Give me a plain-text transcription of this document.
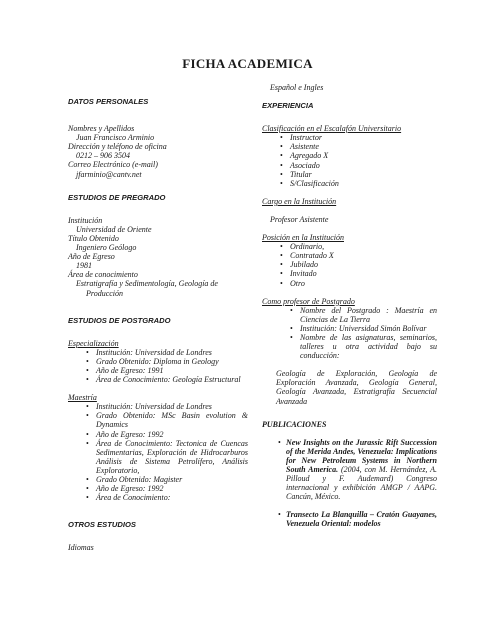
FICHA ACADEMICA
DATOS PERSONALES
Nombres y Apellidos
Juan Francisco Arminio
Dirección y teléfono de oficina
0212 – 906 3504
Correo Electrónico (e-mail)
jfarminio@cantv.net
ESTUDIOS DE PREGRADO
Institución
Universidad de Oriente
Título Obtenido
Ingeniero Geólogo
Año de Egreso
1981
Área de conocimiento
Estratigrafía y Sedimentología, Geología de Producción
ESTUDIOS DE POSTGRADO
Especialización
• Institución: Universidad de Londres
• Grado Obtenido: Diploma in Geology
• Año de Egreso: 1991
• Área de Conocimiento: Geología Estructural
Maestría
• Institución: Universidad de Londres
• Grado Obtenido: MSc Basin evolution & Dynamics
• Año de Egreso: 1992
• Área de Conocimiento: Tectonica de Cuencas Sedimentarias, Exploración de Hidrocarburos Análisis de Sistema Petrolífero, Análisis Exploratorio,
• Grado Obtenido: Magister
• Año de Egreso: 1992
• Área de Conocimiento:
OTROS ESTUDIOS
Idiomas
Español e Ingles
EXPERIENCIA
Clasificación en el Escalafón Universitario
• Instructor
• Asistente
• Agregado X
• Asociado
• Titular
• S/Clasificación
Cargo en la Institución
Profesor Asistente
Posición en la Institución
• Ordinario,
• Contratado X
• Jubilado
• Invitado
• Otro
Como profesor de Postgrado
• Nombre del Postgrado : Maestría en Ciencias de La Tierra
• Institución: Universidad Simón Bolívar
• Nombre de las asignaturas, seminarios, talleres u otra actividad bajo su conducción:
Geología de Exploración, Geología de Exploración Avanzada, Geología General, Geología Avanzada, Estratigrafía Secuencial Avanzada
PUBLICACIONES
• New Insights on the Jurassic Rift Succession of the Merida Andes, Venezuela: Implications for New Petroleum Systems in Northern South America. (2004, con M. Hernández, A. Pilloud y F. Audemard) Congreso internacional y exhibición AMGP / AAPG. Cancún, México.
• Transecto La Blanquilla – Cratón Guayanes, Venezuela Oriental: modelos
